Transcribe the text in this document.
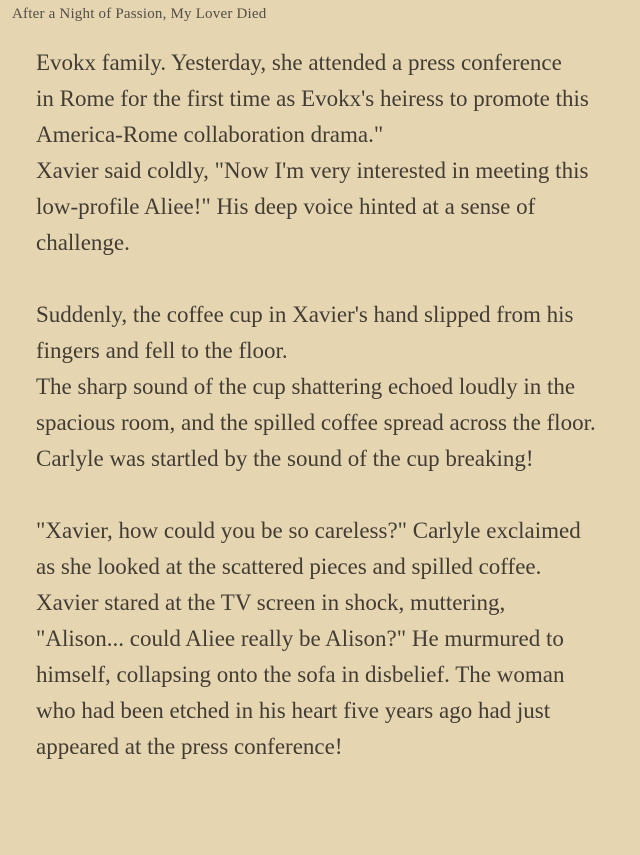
After a Night of Passion, My Lover Died
Evokx family. Yesterday, she attended a press conference
in Rome for the first time as Evokx's heiress to promote this
America-Rome collaboration drama."
Xavier said coldly, "Now I'm very interested in meeting this
low-profile Aliee!" His deep voice hinted at a sense of
challenge.
Suddenly, the coffee cup in Xavier's hand slipped from his
fingers and fell to the floor.
The sharp sound of the cup shattering echoed loudly in the
spacious room, and the spilled coffee spread across the floor.
Carlyle was startled by the sound of the cup breaking!
"Xavier, how could you be so careless?" Carlyle exclaimed
as she looked at the scattered pieces and spilled coffee.
Xavier stared at the TV screen in shock, muttering,
"Alison... could Aliee really be Alison?" He murmured to
himself, collapsing onto the sofa in disbelief. The woman
who had been etched in his heart five years ago had just
appeared at the press conference!
